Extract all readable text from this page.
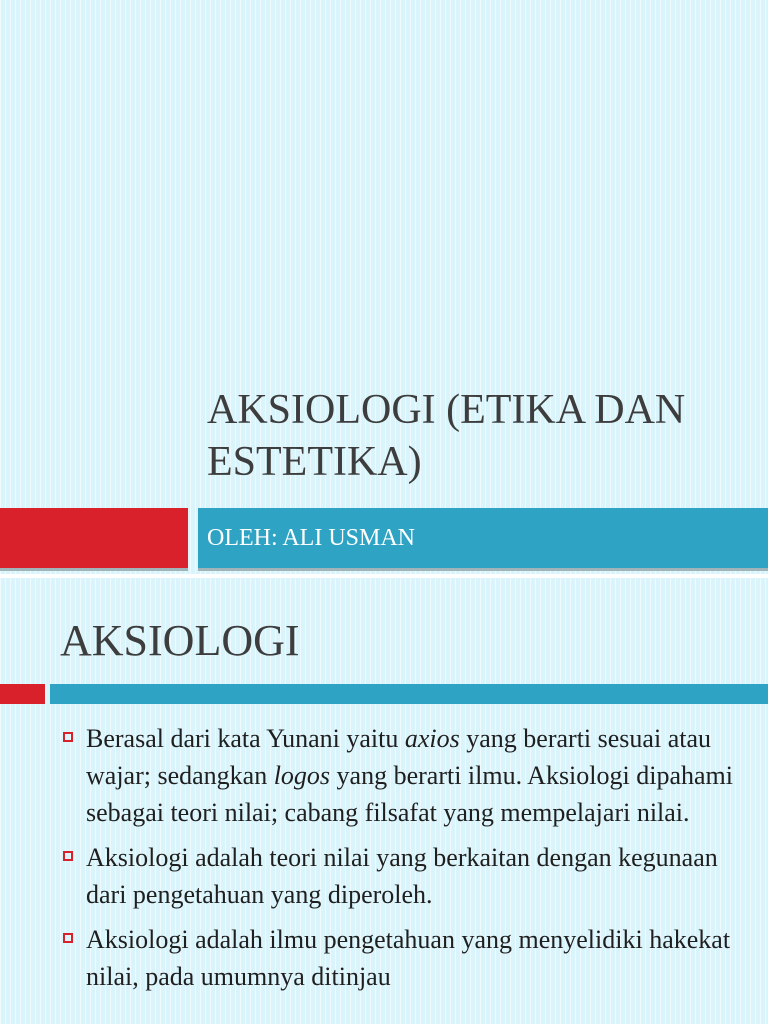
AKSIOLOGI (ETIKA DAN ESTETIKA)
OLEH: ALI USMAN
AKSIOLOGI
Berasal dari kata Yunani yaitu axios yang berarti sesuai atau wajar; sedangkan logos yang berarti ilmu. Aksiologi dipahami sebagai teori nilai; cabang filsafat yang mempelajari nilai.
Aksiologi adalah teori nilai yang berkaitan dengan kegunaan dari pengetahuan yang diperoleh.
Aksiologi adalah ilmu pengetahuan yang menyelidiki hakekat nilai, pada umumnya ditinjau
